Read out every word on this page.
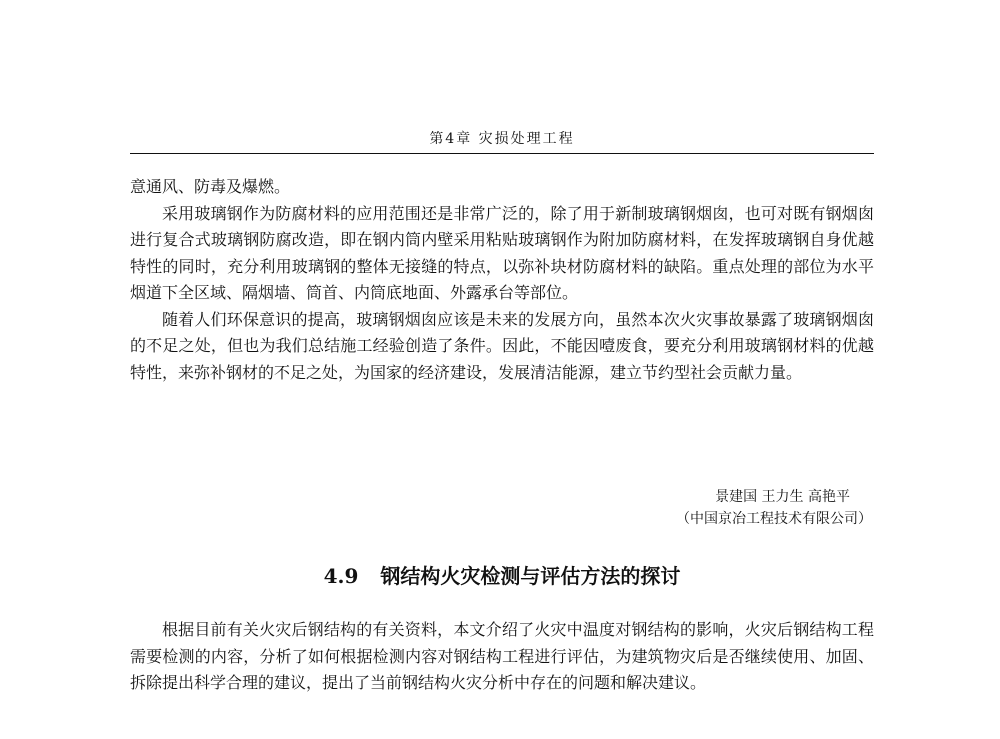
第4章 灾损处理工程

意通风、防毒及爆燃。

采用玻璃钢作为防腐材料的应用范围还是非常广泛的，除了用于新制玻璃钢烟囱，也可对既有钢烟囱进行复合式玻璃钢防腐改造，即在钢内筒内壁采用粘贴玻璃钢作为附加防腐材料，在发挥玻璃钢自身优越特性的同时，充分利用玻璃钢的整体无接缝的特点，以弥补块材防腐材料的缺陷。重点处理的部位为水平烟道下全区域、隔烟墙、筒首、内筒底地面、外露承台等部位。

随着人们环保意识的提高，玻璃钢烟囱应该是未来的发展方向，虽然本次火灾事故暴露了玻璃钢烟囱的不足之处，但也为我们总结施工经验创造了条件。因此，不能因噎废食，要充分利用玻璃钢材料的优越特性，来弥补钢材的不足之处，为国家的经济建设，发展清洁能源，建立节约型社会贡献力量。

景建国 王力生 高艳平
（中国京冶工程技术有限公司）
4.9 钢结构火灾检测与评估方法的探讨

根据目前有关火灾后钢结构的有关资料，本文介绍了火灾中温度对钢结构的影响，火灾后钢结构工程需要检测的内容，分析了如何根据检测内容对钢结构工程进行评估，为建筑物灾后是否继续使用、加固、拆除提出科学合理的建议，提出了当前钢结构火灾分析中存在的问题和解决建议。
